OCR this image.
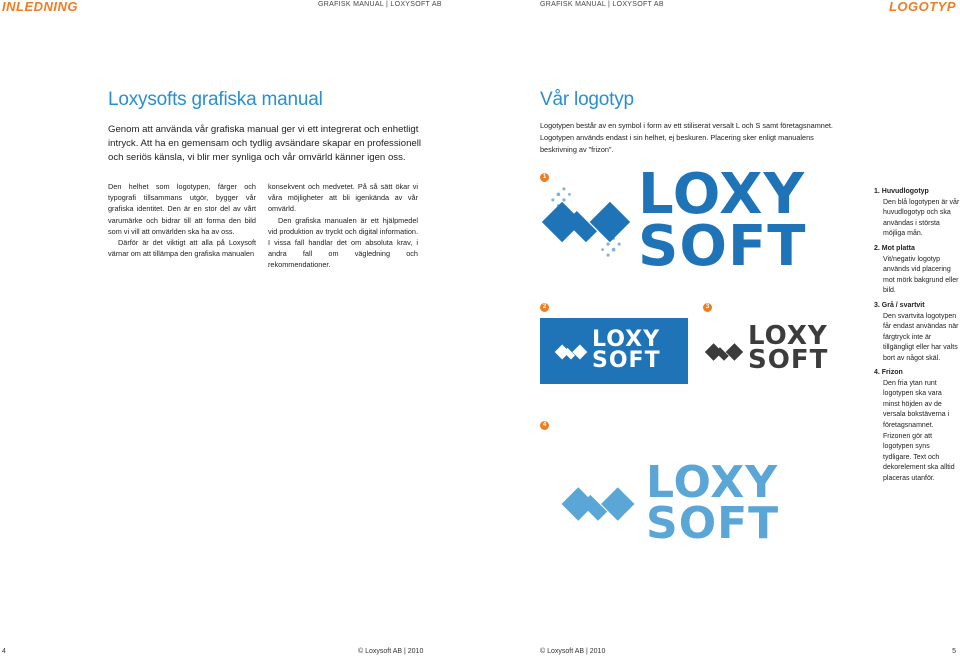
INLEDNING	GRAFISK MANUAL | LOXYSOFT AB	GRAFISK MANUAL | LOXYSOFT AB	LOGOTYP
Loxysofts grafiska manual
Genom att använda vår grafiska manual ger vi ett integrerat och enhetligt intryck. Att ha en gemensam och tydlig avsändare skapar en professionell och seriös känsla, vi blir mer synliga och vår omvärld känner igen oss.

Den helhet som logotypen, färger och typografi tillsammans utgör, bygger vår grafiska identitet. Den är en stor del av vårt varumärke och bidrar till att forma den bild som vi vill att omvärlden ska ha av oss.

Därför är det viktigt att alla på Loxysoft värnar om att tillämpa den grafiska manualen

konsekvent och medvetet. På så sätt ökar vi våra möjligheter att bli igenkända av vår omvärld.

Den grafiska manualen är ett hjälpmedel vid produktion av tryckt och digital information. I vissa fall handlar det om absoluta krav, i andra fall om vägledning och rekommendationer.

Vår logotyp
Logotypen består av en symbol i form av ett stiliserat versalt L och S samt företagsnamnet. Logotypen används endast i sin helhet, ej beskuren. Placering sker enligt manualens beskrivning av ”frizon”.
1 LOXY
SOFT
2
LOXY
SOFT
3
LOXY
SOFT
4
LOXY
SOFT
1. Huvudlogotyp
Den blå logotypen är vår huvudlogotyp och ska användas i största möjliga mån.
2. Mot platta
Vit/negativ logotyp används vid placering mot mörk bakgrund eller bild.
3. Grå / svartvit
Den svartvita logotypen får endast användas när färgtryck inte är tillgängligt eller har valts bort av något skäl.
4. Frizon
Den fria ytan runt logotypen ska vara minst höjden av de versala bokstäverna i företagsnamnet. Frizonen gör att logotypen syns tydligare. Text och dekorelement ska alltid placeras utanför.
4	© Loxysoft AB | 2010	© Loxysoft AB | 2010	5
